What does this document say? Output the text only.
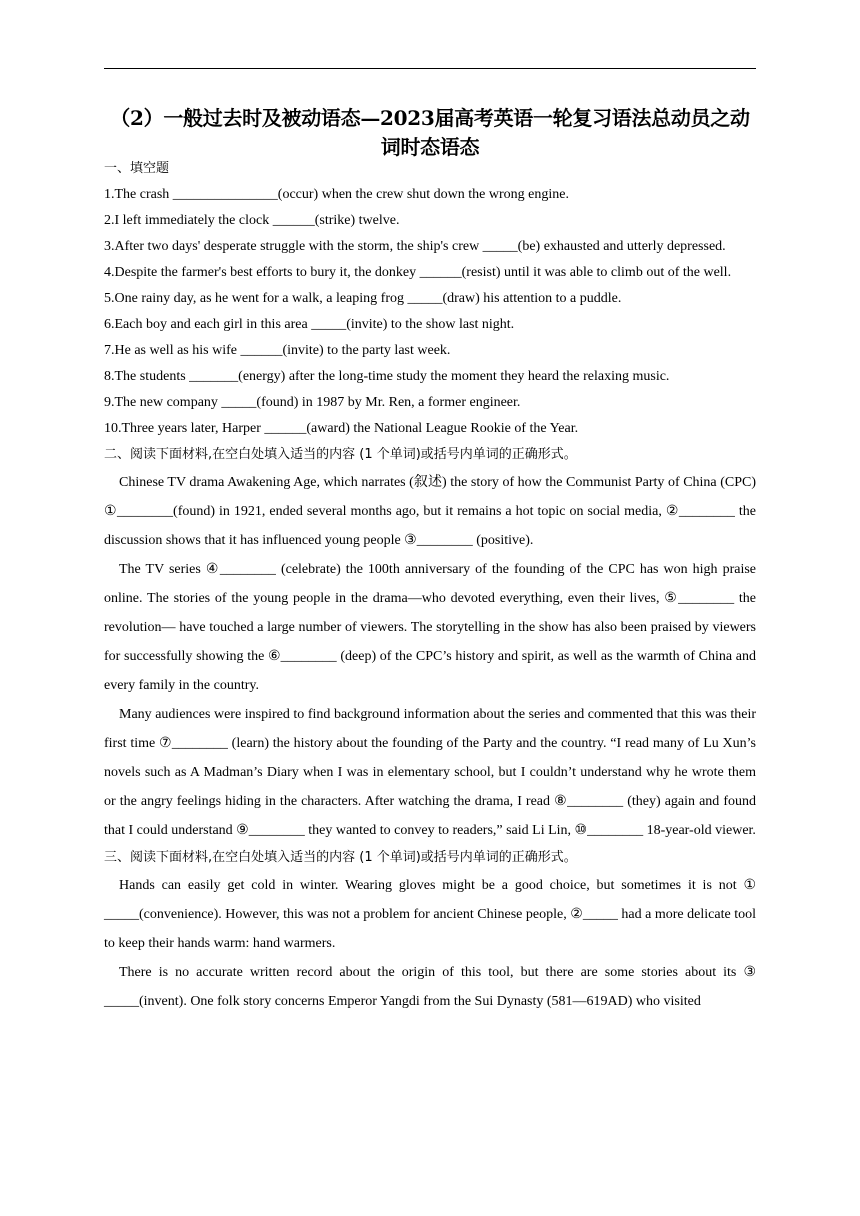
（2）一般过去时及被动语态—2023届高考英语一轮复习语法总动员之动词时态语态
一、填空题

1.The crash _______________(occur) when the crew shut down the wrong engine.

2.I left immediately the clock ______(strike) twelve.

3.After two days' desperate struggle with the storm, the ship's crew _____(be) exhausted and utterly depressed.

4.Despite the farmer's best efforts to bury it, the donkey ______(resist) until it was able to climb out of the well.

5.One rainy day, as he went for a walk, a leaping frog _____(draw) his attention to a puddle.

6.Each boy and each girl in this area _____(invite) to the show last night.

7.He as well as his wife ______(invite) to the party last week.

8.The students _______(energy) after the long-time study the moment they heard the relaxing music.

9.The new company _____(found) in 1987 by Mr. Ren, a former engineer.

10.Three years later, Harper ______(award) the National League Rookie of the Year.

二、阅读下面材料,在空白处填入适当的内容 (1 个单词)或括号内单词的正确形式。

Chinese TV drama Awakening Age, which narrates (叙述) the story of how the Communist Party of China (CPC) ①________(found) in 1921, ended several months ago, but it remains a hot topic on social media, ②________ the discussion shows that it has influenced young people ③________ (positive).

The TV series ④________ (celebrate) the 100th anniversary of the founding of the CPC has won high praise online. The stories of the young people in the drama—who devoted everything, even their lives, ⑤________ the revolution— have touched a large number of viewers. The storytelling in the show has also been praised by viewers for successfully showing the ⑥________ (deep) of the CPC’s history and spirit, as well as the warmth of China and every family in the country.

Many audiences were inspired to find background information about the series and commented that this was their first time ⑦________ (learn) the history about the founding of the Party and the country. “I read many of Lu Xun’s novels such as A Madman’s Diary when I was in elementary school, but I couldn’t understand why he wrote them or the angry feelings hiding in the characters. After watching the drama, I read ⑧________ (they) again and found that I could understand ⑨________ they wanted to convey to readers,” said Li Lin, ⑩________ 18-year-old viewer.

三、阅读下面材料,在空白处填入适当的内容 (1 个单词)或括号内单词的正确形式。

Hands can easily get cold in winter. Wearing gloves might be a good choice, but sometimes it is not ① _____(convenience). However, this was not a problem for ancient Chinese people, ②_____ had a more delicate tool to keep their hands warm: hand warmers.

There is no accurate written record about the origin of this tool, but there are some stories about its ③ _____(invent). One folk story concerns Emperor Yangdi from the Sui Dynasty (581—619AD) who visited
